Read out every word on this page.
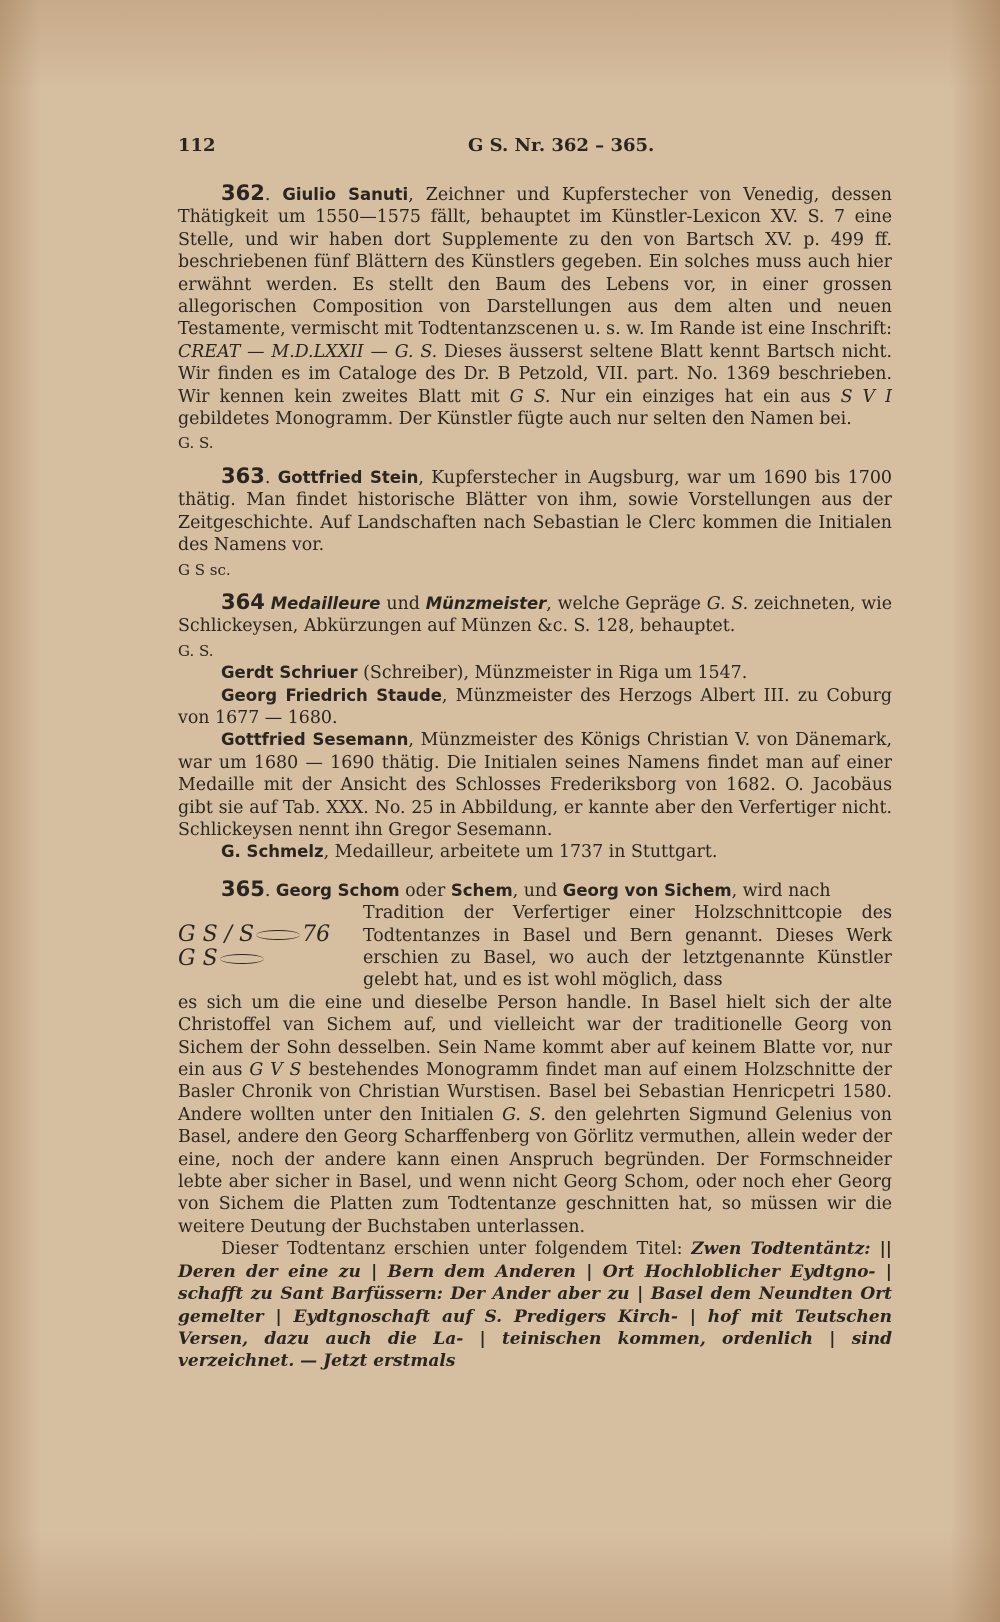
112	G S. Nr. 362 – 365.

362. Giulio Sanuti, Zeichner und Kupferstecher von Venedig, dessen Thätigkeit um 1550—1575 fällt, behauptet im Künstler-Lexicon XV. S. 7 eine Stelle, und wir haben dort Supplemente zu den von Bartsch XV. p. 499 ff. beschriebenen fünf Blättern des Künstlers gegeben. Ein solches muss auch hier erwähnt werden. Es stellt den Baum des Lebens vor, in einer grossen allegorischen Composition von Darstellungen aus dem alten und neuen Testamente, vermischt mit Todtentanzscenen u. s. w. Im Rande ist eine Inschrift: CREAT — M.D.LXXII — G. S. Dieses äusserst seltene Blatt kennt Bartsch nicht. Wir finden es im Cataloge des Dr. B Petzold, VII. part. No. 1369 beschrieben. Wir kennen kein zweites Blatt mit G S. Nur ein einziges hat ein aus S V I gebildetes Monogramm. Der Künstler fügte auch nur selten den Namen bei.

G. S.

363. Gottfried Stein, Kupferstecher in Augsburg, war um 1690 bis 1700 thätig. Man findet historische Blätter von ihm, sowie Vorstellungen aus der Zeitgeschichte. Auf Landschaften nach Sebastian le Clerc kommen die Initialen des Namens vor.

G S sc.

364 Medailleure und Münzmeister, welche Gepräge G. S. zeichneten, wie Schlickeysen, Abkürzungen auf Münzen &c. S. 128, behauptet.

G. S.

Gerdt Schriuer (Schreiber), Münzmeister in Riga um 1547.

Georg Friedrich Staude, Münzmeister des Herzogs Albert III. zu Coburg von 1677 — 1680.

Gottfried Sesemann, Münzmeister des Königs Christian V. von Dänemark, war um 1680 — 1690 thätig. Die Initialen seines Namens findet man auf einer Medaille mit der Ansicht des Schlosses Frederiksborg von 1682. O. Jacobäus gibt sie auf Tab. XXX. No. 25 in Abbildung, er kannte aber den Verfertiger nicht. Schlickeysen nennt ihn Gregor Sesemann.

G. Schmelz, Medailleur, arbeitete um 1737 in Stuttgart.

365. Georg Schom oder Schem, und Georg von Sichem, wird nach

G S / S 76
G S

Tradition der Verfertiger einer Holzschnittcopie des Todtentanzes in Basel und Bern genannt. Dieses Werk erschien zu Basel, wo auch der letztgenannte Künstler gelebt hat, und es ist wohl möglich, dass

es sich um die eine und dieselbe Person handle. In Basel hielt sich der alte Christoffel van Sichem auf, und vielleicht war der traditionelle Georg von Sichem der Sohn desselben. Sein Name kommt aber auf keinem Blatte vor, nur ein aus G V S bestehendes Monogramm findet man auf einem Holzschnitte der Basler Chronik von Christian Wurstisen. Basel bei Sebastian Henricpetri 1580. Andere wollten unter den Initialen G. S. den gelehrten Sigmund Gelenius von Basel, andere den Georg Scharffenberg von Görlitz vermuthen, allein weder der eine, noch der andere kann einen Anspruch begründen. Der Formschneider lebte aber sicher in Basel, und wenn nicht Georg Schom, oder noch eher Georg von Sichem die Platten zum Todtentanze geschnitten hat, so müssen wir die weitere Deutung der Buchstaben unterlassen.

Dieser Todtentanz erschien unter folgendem Titel: Zwen Todtentäntz: || Deren der eine zu | Bern dem Anderen | Ort Hochloblicher Eydtgno- | schafft zu Sant Barfüssern: Der Ander aber zu | Basel dem Neundten Ort gemelter | Eydtgnoschaft auf S. Predigers Kirch- | hof mit Teutschen Versen, dazu auch die La- | teinischen kommen, ordenlich | sind verzeichnet. — Jetzt erstmals
